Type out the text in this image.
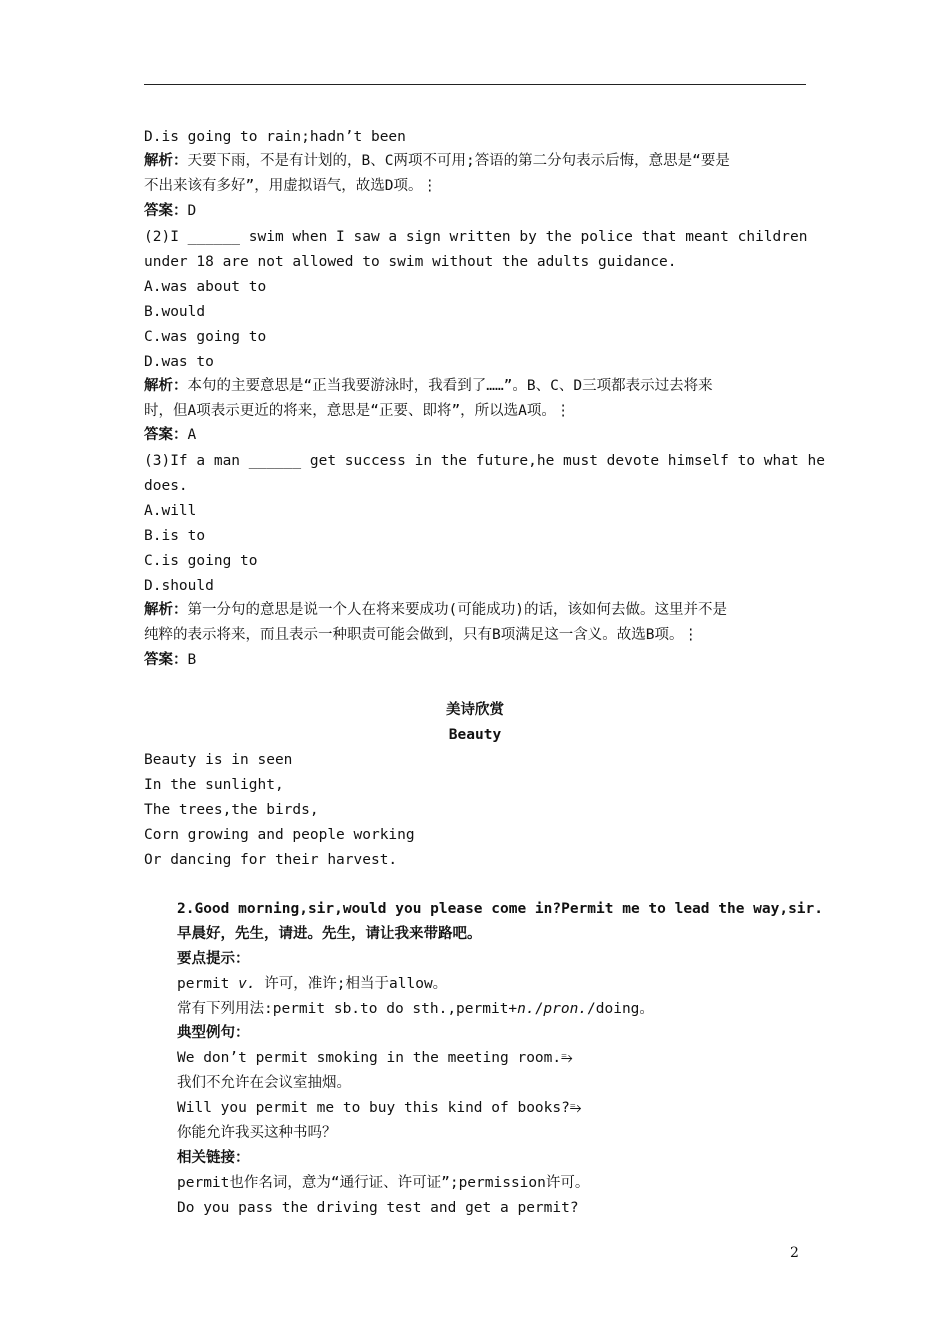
D.is going to rain;hadn’t been
解析：天要下雨，不是有计划的，B、C两项不可用;答语的第二分句表示后悔，意思是“要是
不出来该有多好”，用虚拟语气，故选D项。⋮
答案：D
(2)I ______ swim when I saw a sign written by the police that meant children
under 18 are not allowed to swim without the adults guidance.
A.was about to
B.would
C.was going to
D.was to
解析：本句的主要意思是“正当我要游泳时，我看到了……”。B、C、D三项都表示过去将来
时，但A项表示更近的将来，意思是“正要、即将”，所以选A项。⋮
答案：A
(3)If a man ______ get success in the future,he must devote himself to what he
does.
A.will
B.is to
C.is going to
D.should
解析：第一分句的意思是说一个人在将来要成功(可能成功)的话，该如何去做。这里并不是
纯粹的表示将来，而且表示一种职责可能会做到，只有B项满足这一含义。故选B项。⋮
答案：B
美诗欣赏
Beauty
Beauty is in seen
In the sunlight,
The trees,the birds,
Corn growing and people working
Or dancing for their harvest.
2.Good morning,sir,would you please come in?Permit me to lead the way,sir.
早晨好，先生，请进。先生，请让我来带路吧。
要点提示：
permit v. 许可，准许;相当于allow。
常有下列用法:permit sb.to do sth.,permit+n./pron./doing。
典型例句：
We don’t permit smoking in the meeting room.⥱
我们不允许在会议室抽烟。
Will you permit me to buy this kind of books?⥱
你能允许我买这种书吗？
相关链接：
permit也作名词，意为“通行证、许可证”;permission许可。
Do you pass the driving test and get a permit?
2
